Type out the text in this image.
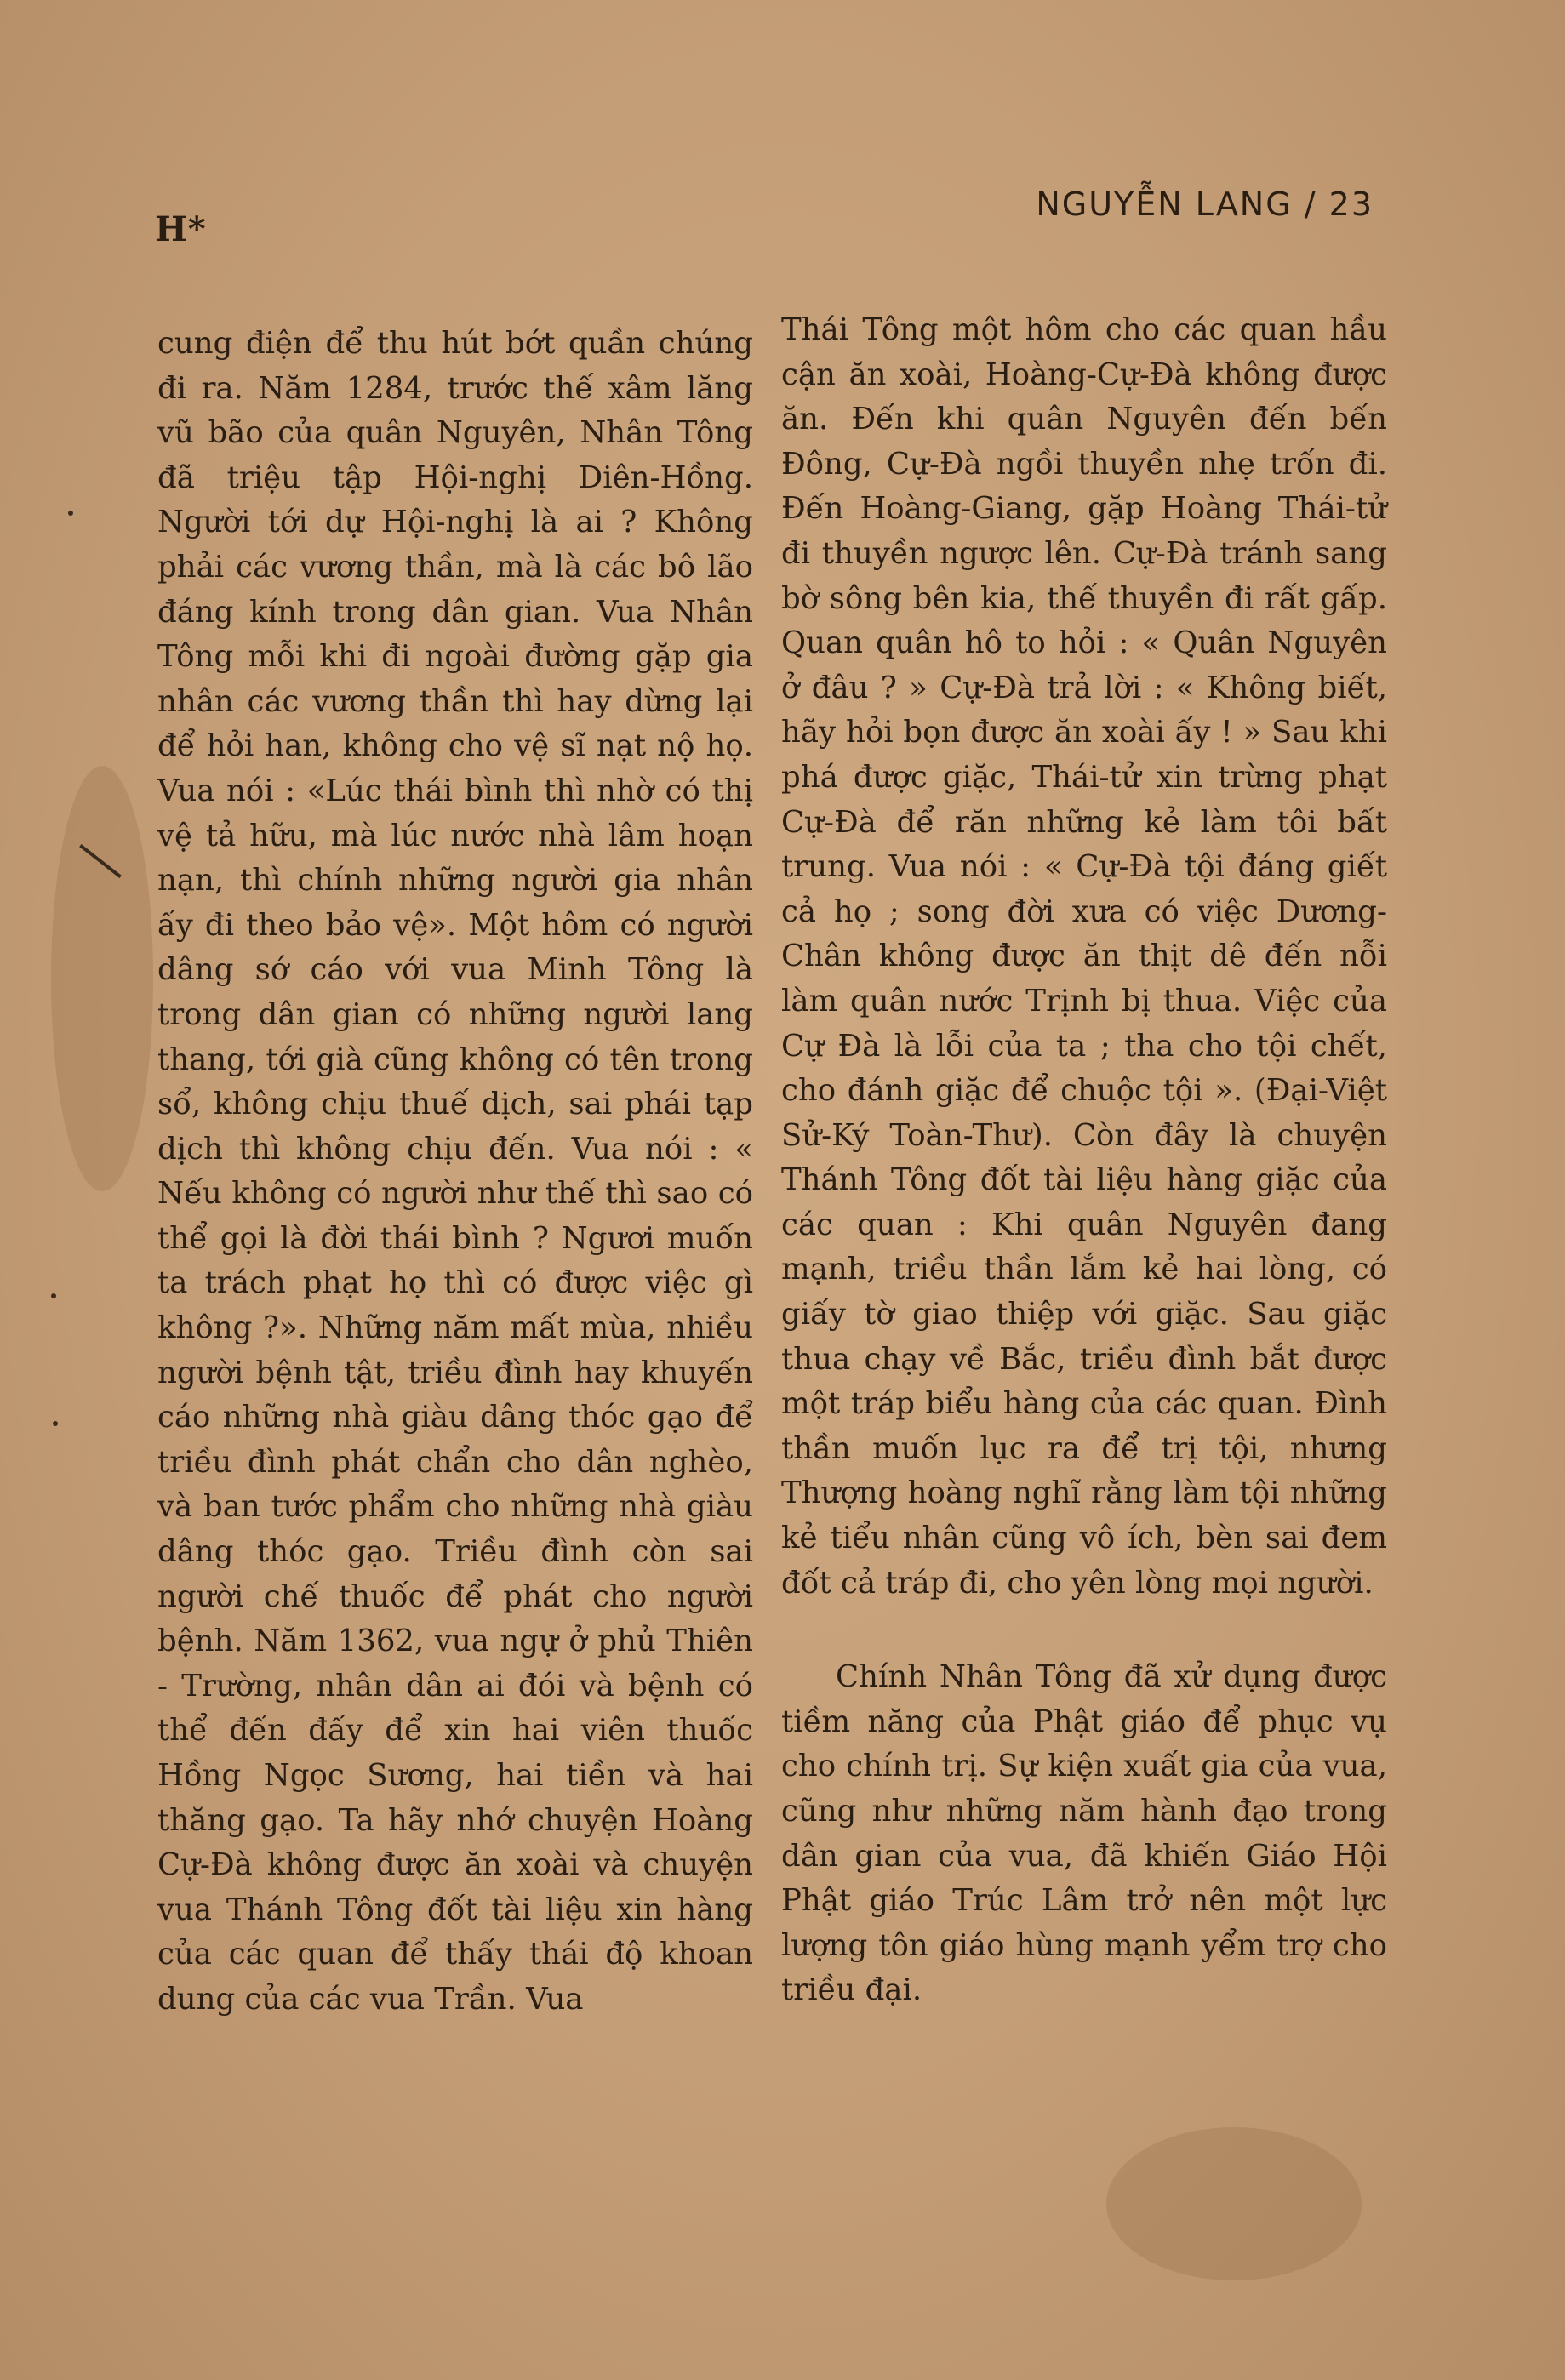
H*
NGUYỄN LANG / 23

cung điện để thu hút bớt quần chúng đi ra. Năm 1284, trước thế xâm lăng vũ bão của quân Nguyên, Nhân Tông đã triệu tập Hội-nghị Diên-Hồng. Người tới dự Hội-nghị là ai ? Không phải các vương thần, mà là các bô lão đáng kính trong dân gian. Vua Nhân Tông mỗi khi đi ngoài đường gặp gia nhân các vương thần thì hay dừng lại để hỏi han, không cho vệ sĩ nạt nộ họ. Vua nói : «Lúc thái bình thì nhờ có thị vệ tả hữu, mà lúc nước nhà lâm hoạn nạn, thì chính những người gia nhân ấy đi theo bảo vệ». Một hôm có người dâng sớ cáo với vua Minh Tông là trong dân gian có những người lang thang, tới già cũng không có tên trong sổ, không chịu thuế dịch, sai phái tạp dịch thì không chịu đến. Vua nói : « Nếu không có người như thế thì sao có thể gọi là đời thái bình ? Ngươi muốn ta trách phạt họ thì có được việc gì không ?». Những năm mất mùa, nhiều người bệnh tật, triều đình hay khuyến cáo những nhà giàu dâng thóc gạo để triều đình phát chẩn cho dân nghèo, và ban tước phẩm cho những nhà giàu dâng thóc gạo. Triều đình còn sai người chế thuốc để phát cho người bệnh. Năm 1362, vua ngự ở phủ Thiên - Trường, nhân dân ai đói và bệnh có thể đến đấy để xin hai viên thuốc Hồng Ngọc Sương, hai tiền và hai thăng gạo. Ta hãy nhớ chuyện Hoàng Cự-Đà không được ăn xoài và chuyện vua Thánh Tông đốt tài liệu xin hàng của các quan để thấy thái độ khoan dung của các vua Trần. Vua

Thái Tông một hôm cho các quan hầu cận ăn xoài, Hoàng-Cự-Đà không được ăn. Đến khi quân Nguyên đến bến Đông, Cự-Đà ngồi thuyền nhẹ trốn đi. Đến Hoàng-Giang, gặp Hoàng Thái-tử đi thuyền ngược lên. Cự-Đà tránh sang bờ sông bên kia, thế thuyền đi rất gấp. Quan quân hô to hỏi : « Quân Nguyên ở đâu ? » Cự-Đà trả lời : « Không biết, hãy hỏi bọn được ăn xoài ấy ! » Sau khi phá được giặc, Thái-tử xin trừng phạt Cự-Đà để răn những kẻ làm tôi bất trung. Vua nói : « Cự-Đà tội đáng giết cả họ ; song đời xưa có việc Dương-Chân không được ăn thịt dê đến nỗi làm quân nước Trịnh bị thua. Việc của Cự Đà là lỗi của ta ; tha cho tội chết, cho đánh giặc để chuộc tội ». (Đại-Việt Sử-Ký Toàn-Thư). Còn đây là chuyện Thánh Tông đốt tài liệu hàng giặc của các quan : Khi quân Nguyên đang mạnh, triều thần lắm kẻ hai lòng, có giấy tờ giao thiệp với giặc. Sau giặc thua chạy về Bắc, triều đình bắt được một tráp biểu hàng của các quan. Đình thần muốn lục ra để trị tội, nhưng Thượng hoàng nghĩ rằng làm tội những kẻ tiểu nhân cũng vô ích, bèn sai đem đốt cả tráp đi, cho yên lòng mọi người.

Chính Nhân Tông đã xử dụng được tiềm năng của Phật giáo để phục vụ cho chính trị. Sự kiện xuất gia của vua, cũng như những năm hành đạo trong dân gian của vua, đã khiến Giáo Hội Phật giáo Trúc Lâm trở nên một lực lượng tôn giáo hùng mạnh yểm trợ cho triều đại.
